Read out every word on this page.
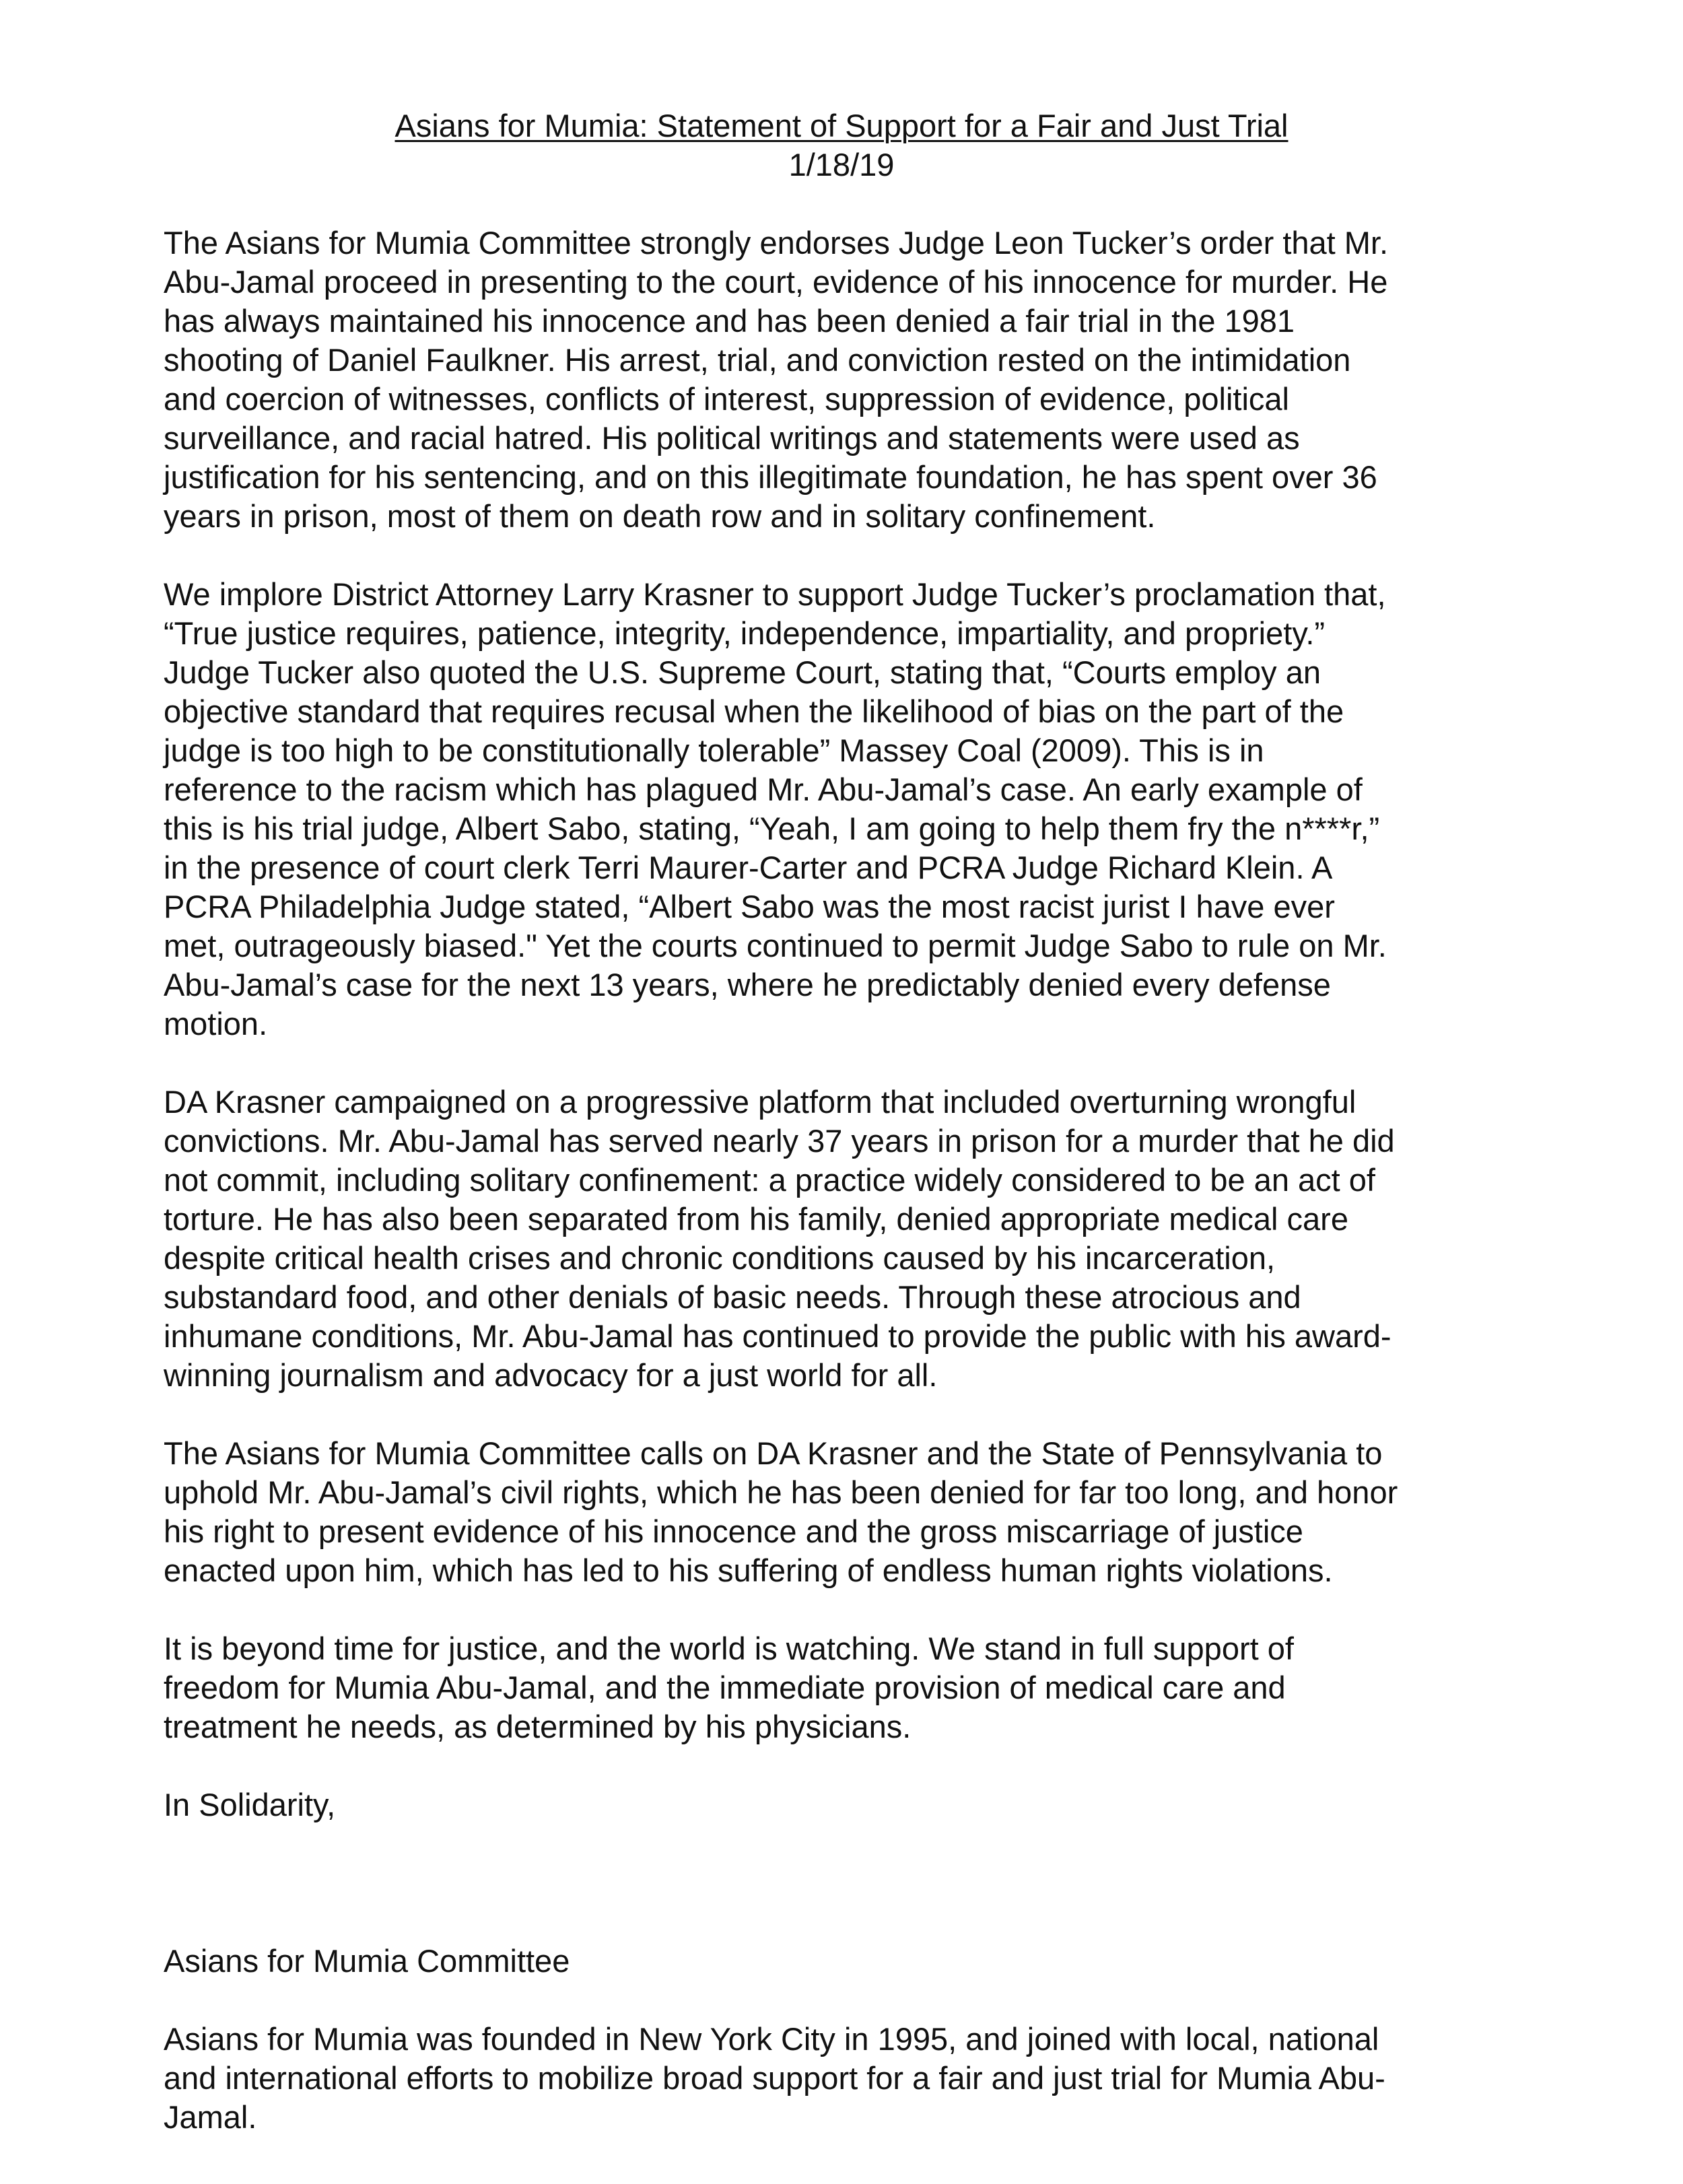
Asians for Mumia: Statement of Support for a Fair and Just Trial
1/18/19
The Asians for Mumia Committee strongly endorses Judge Leon Tucker’s order that Mr.
Abu-Jamal proceed in presenting to the court, evidence of his innocence for murder. He
has always maintained his innocence and has been denied a fair trial in the 1981
shooting of Daniel Faulkner. His arrest, trial, and conviction rested on the intimidation
and coercion of witnesses, conflicts of interest, suppression of evidence, political
surveillance, and racial hatred. His political writings and statements were used as
justification for his sentencing, and on this illegitimate foundation, he has spent over 36
years in prison, most of them on death row and in solitary confinement.
We implore District Attorney Larry Krasner to support Judge Tucker’s proclamation that,
“True justice requires, patience, integrity, independence, impartiality, and propriety.”
Judge Tucker also quoted the U.S. Supreme Court, stating that, “Courts employ an
objective standard that requires recusal when the likelihood of bias on the part of the
judge is too high to be constitutionally tolerable” Massey Coal (2009). This is in
reference to the racism which has plagued Mr. Abu-Jamal’s case. An early example of
this is his trial judge, Albert Sabo, stating, “Yeah, I am going to help them fry the n****r,”
in the presence of court clerk Terri Maurer-Carter and PCRA Judge Richard Klein. A
PCRA Philadelphia Judge stated, “Albert Sabo was the most racist jurist I have ever
met, outrageously biased." Yet the courts continued to permit Judge Sabo to rule on Mr.
Abu-Jamal’s case for the next 13 years, where he predictably denied every defense
motion.
DA Krasner campaigned on a progressive platform that included overturning wrongful
convictions. Mr. Abu-Jamal has served nearly 37 years in prison for a murder that he did
not commit, including solitary confinement: a practice widely considered to be an act of
torture. He has also been separated from his family, denied appropriate medical care
despite critical health crises and chronic conditions caused by his incarceration,
substandard food, and other denials of basic needs. Through these atrocious and
inhumane conditions, Mr. Abu-Jamal has continued to provide the public with his award-
winning journalism and advocacy for a just world for all.
The Asians for Mumia Committee calls on DA Krasner and the State of Pennsylvania to
uphold Mr. Abu-Jamal’s civil rights, which he has been denied for far too long, and honor
his right to present evidence of his innocence and the gross miscarriage of justice
enacted upon him, which has led to his suffering of endless human rights violations.
It is beyond time for justice, and the world is watching. We stand in full support of
freedom for Mumia Abu-Jamal, and the immediate provision of medical care and
treatment he needs, as determined by his physicians.
In Solidarity,
Asians for Mumia Committee
Asians for Mumia was founded in New York City in 1995, and joined with local, national
and international efforts to mobilize broad support for a fair and just trial for Mumia Abu-
Jamal.
